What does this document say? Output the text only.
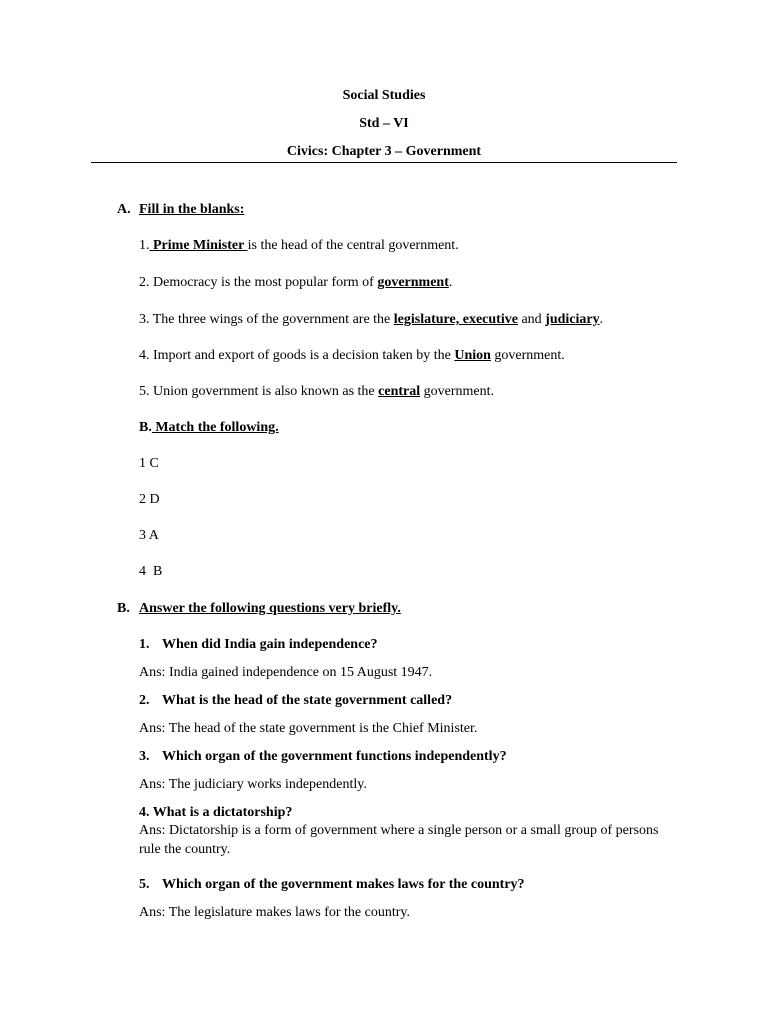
Social Studies
Std – VI
Civics: Chapter 3 – Government
A. Fill in the blanks:
1. Prime Minister is the head of the central government.
2. Democracy is the most popular form of government.
3. The three wings of the government are the legislature, executive and judiciary.
4. Import and export of goods is a decision taken by the Union government.
5. Union government is also known as the central government.
B. Match the following.
1 C
2 D
3 A
4  B
B. Answer the following questions very briefly.
1. When did India gain independence?
Ans: India gained independence on 15 August 1947.
2. What is the head of the state government called?
Ans: The head of the state government is the Chief Minister.
3. Which organ of the government functions independently?
Ans: The judiciary works independently.
4. What is a dictatorship?
Ans: Dictatorship is a form of government where a single person or a small group of persons rule the country.
5. Which organ of the government makes laws for the country?
Ans: The legislature makes laws for the country.
